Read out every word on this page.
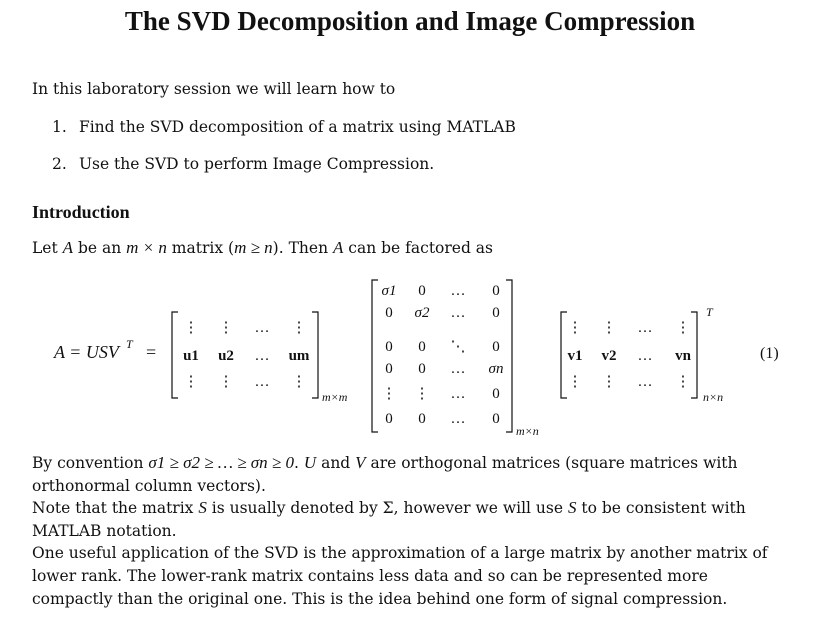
The SVD Decomposition and Image Compression
In this laboratory session we will learn how to
1. Find the SVD decomposition of a matrix using MATLAB
2. Use the SVD to perform Image Compression.
Introduction
Let A be an m × n matrix (m ≥ n). Then A can be factored as
A = USV T =
⋮ ⋮ … ⋮
u1 u2 … um
⋮ ⋮ … ⋮
m×m
σ1 0 … 0
0 σ2 … 0
0 0 ⋱ 0
0 0 … σn
⋮ ⋮ … 0
0 0 … 0
m×n
⋮ ⋮ … ⋮
v1 v2 … vn
⋮ ⋮ … ⋮
T
n×n
(1)

By convention σ1 ≥ σ2 ≥ … ≥ σn ≥ 0. U and V are orthogonal matrices (square matrices with orthonormal column vectors).

Note that the matrix S is usually denoted by Σ, however we will use S to be consistent with MATLAB notation.

One useful application of the SVD is the approximation of a large matrix by another matrix of lower rank. The lower-rank matrix contains less data and so can be represented more compactly than the original one. This is the idea behind one form of signal compression.
